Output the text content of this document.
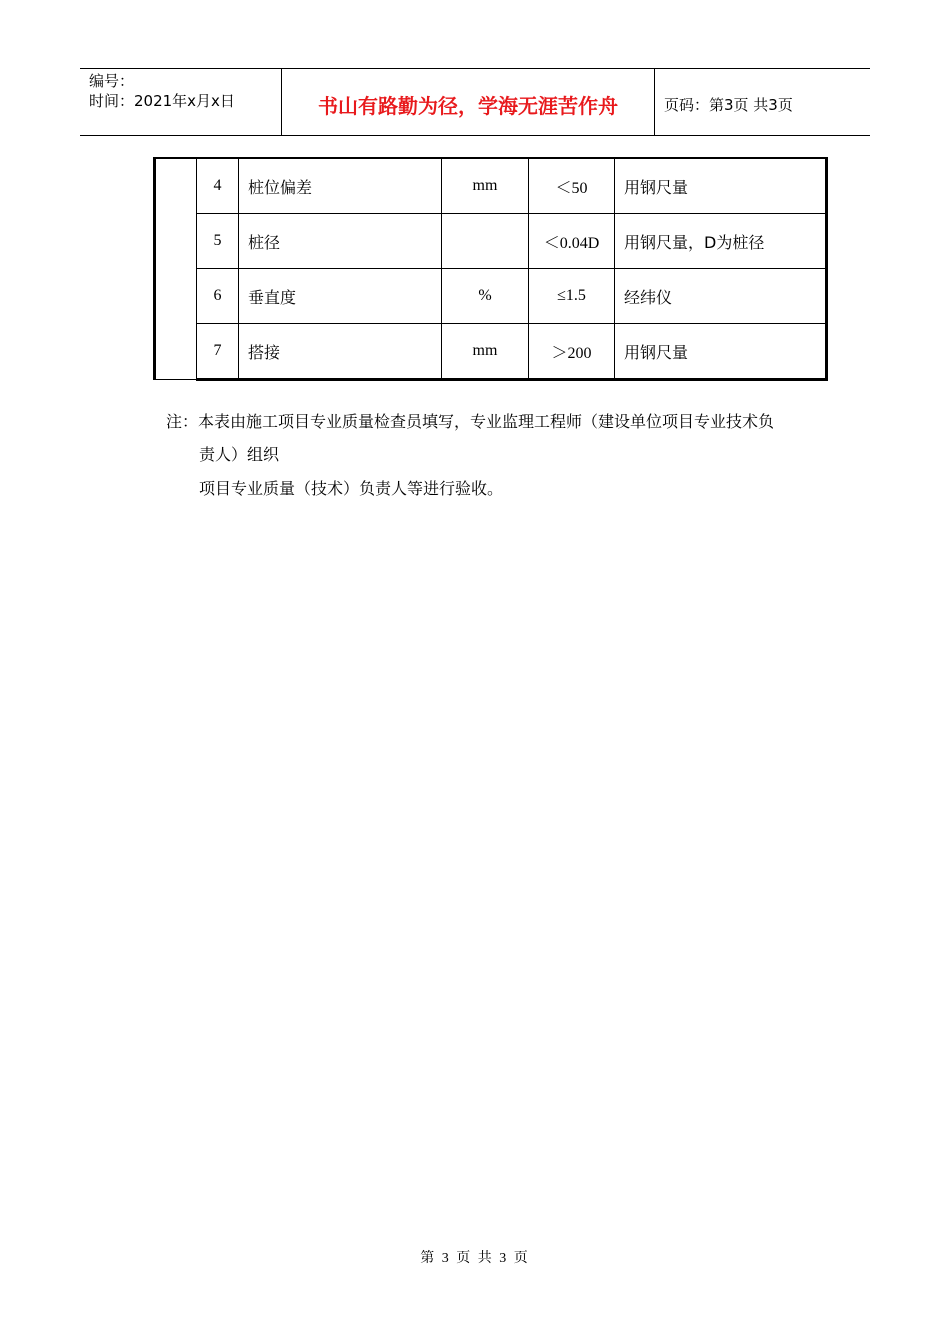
编号：
时间：2021年x月x日	书山有路勤为径，学海无涯苦作舟	页码：第3页 共3页
	4	桩位偏差	mm	＜50	用钢尺量
	5	桩径		＜0.04D	用钢尺量，D为桩径
	6	垂直度	%	≤1.5	经纬仪
	7	搭接	mm	＞200	用钢尺量
注：本表由施工项目专业质量检查员填写，专业监理工程师（建设单位项目专业技术负
责人）组织
项目专业质量（技术）负责人等进行验收。
第 3 页 共 3 页
